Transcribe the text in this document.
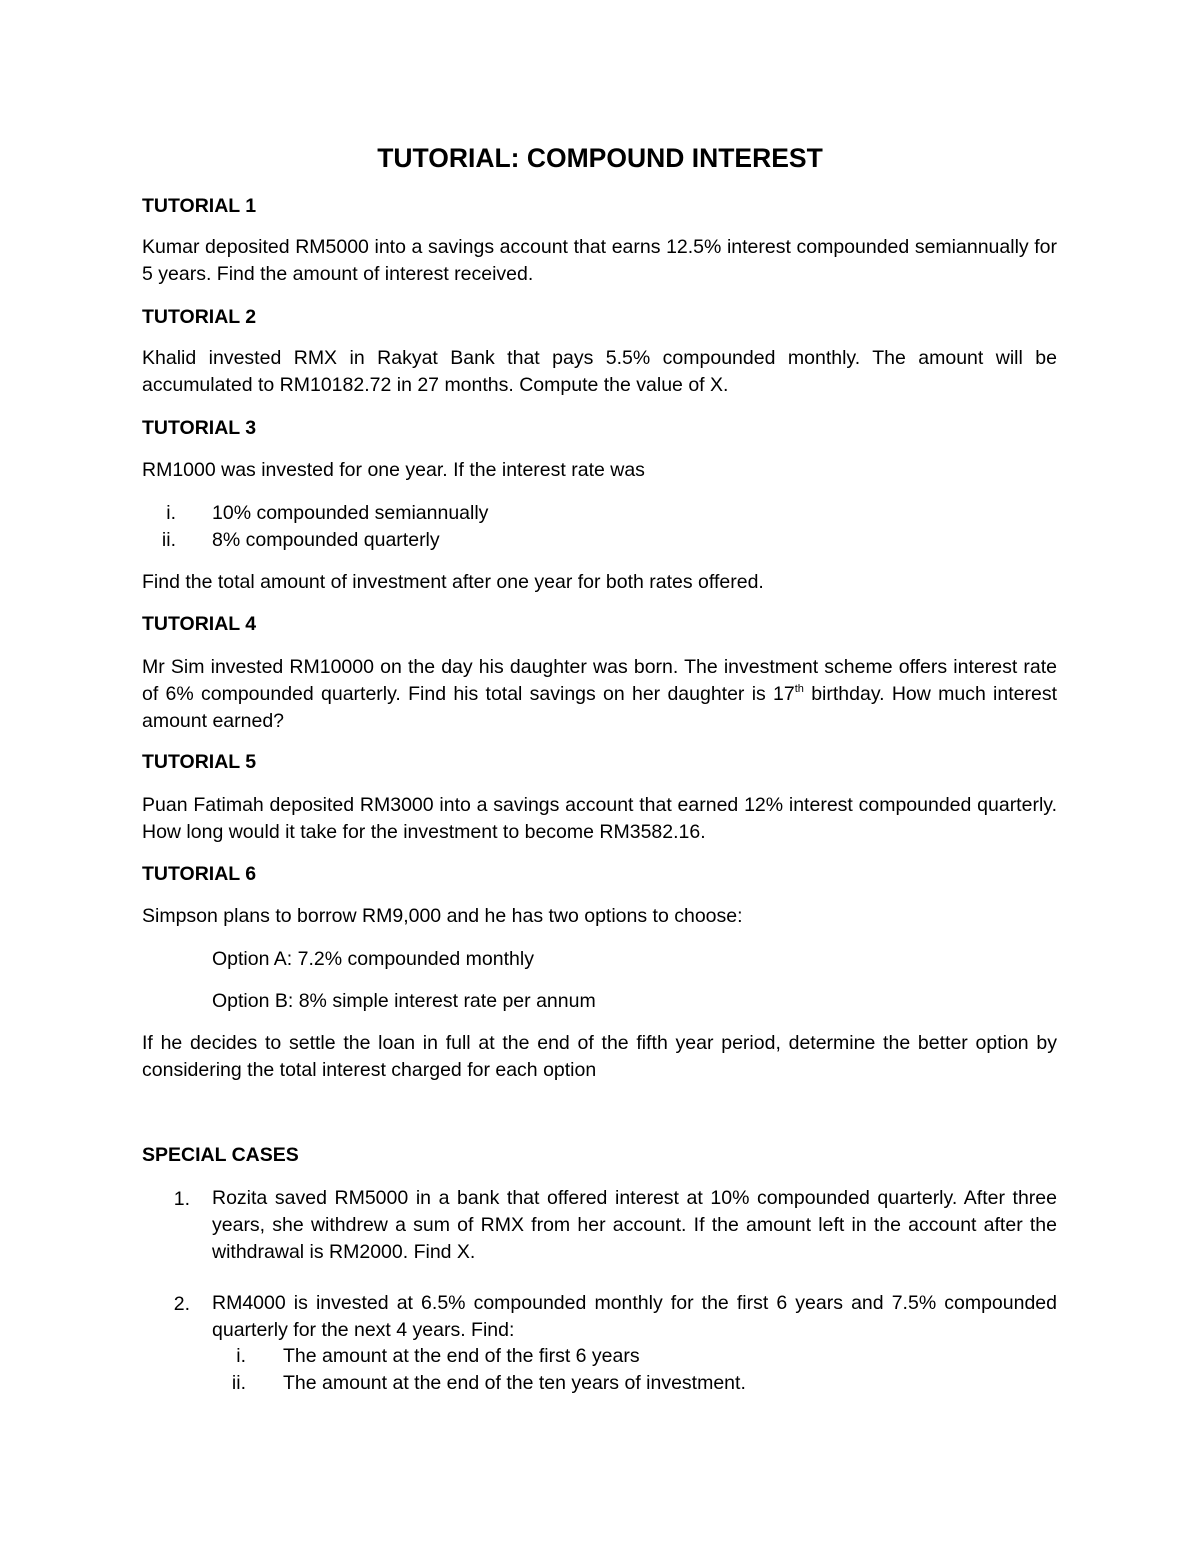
TUTORIAL: COMPOUND INTEREST
TUTORIAL 1
Kumar deposited RM5000 into a savings account that earns 12.5% interest compounded semiannually for 5 years. Find the amount of interest received.
TUTORIAL 2
Khalid invested RMX in Rakyat Bank that pays 5.5% compounded monthly. The amount will be accumulated to RM10182.72 in 27 months. Compute the value of X.
TUTORIAL 3
RM1000 was invested for one year. If the interest rate was
i. 10% compounded semiannually
ii. 8% compounded quarterly
Find the total amount of investment after one year for both rates offered.
TUTORIAL 4
Mr Sim invested RM10000 on the day his daughter was born. The investment scheme offers interest rate of 6% compounded quarterly. Find his total savings on her daughter is 17th birthday. How much interest amount earned?
TUTORIAL 5
Puan Fatimah deposited RM3000 into a savings account that earned 12% interest compounded quarterly. How long would it take for the investment to become RM3582.16.
TUTORIAL 6
Simpson plans to borrow RM9,000 and he has two options to choose:
Option A: 7.2% compounded monthly
Option B: 8% simple interest rate per annum
If he decides to settle the loan in full at the end of the fifth year period, determine the better option by considering the total interest charged for each option
SPECIAL CASES
1. Rozita saved RM5000 in a bank that offered interest at 10% compounded quarterly. After three years, she withdrew a sum of RMX from her account. If the amount left in the account after the withdrawal is RM2000. Find X.
2. RM4000 is invested at 6.5% compounded monthly for the first 6 years and 7.5% compounded quarterly for the next 4 years. Find:
i. The amount at the end of the first 6 years
ii. The amount at the end of the ten years of investment.
